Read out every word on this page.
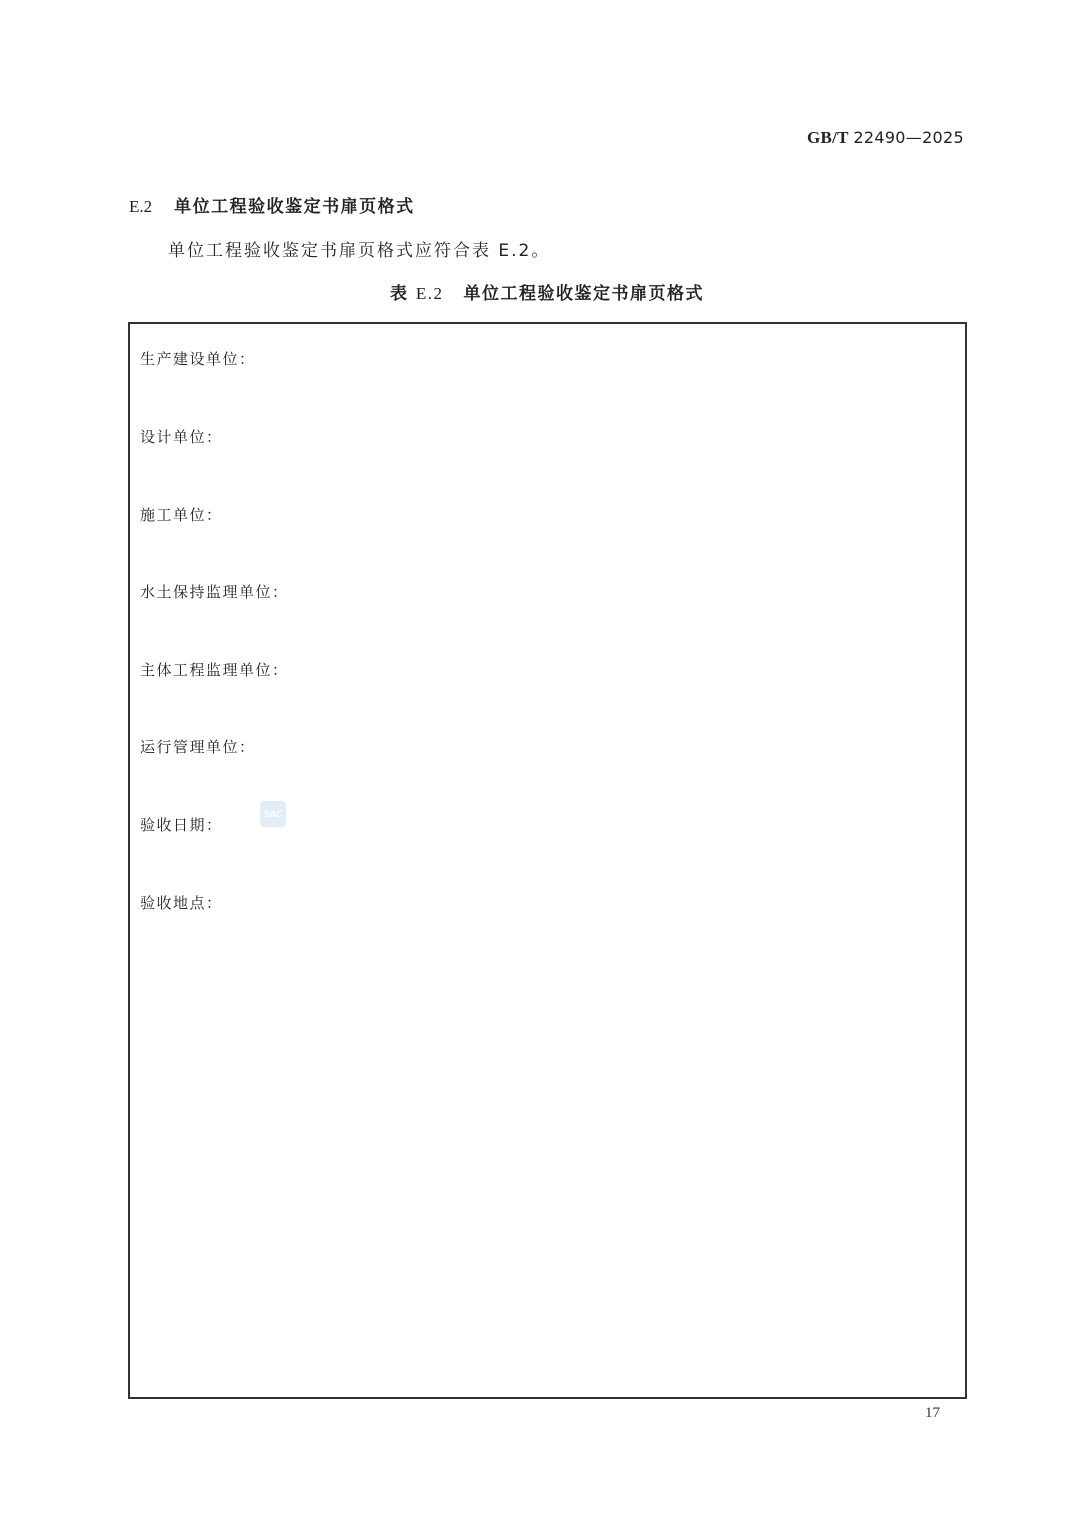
GB/T 22490—2025
E.2 单位工程验收鉴定书扉页格式
单位工程验收鉴定书扉页格式应符合表 E.2。
表 E.2 单位工程验收鉴定书扉页格式
生产建设单位：
设计单位：
施工单位：
水土保持监理单位：
主体工程监理单位：
运行管理单位：
验收日期：
验收地点：
SAC
17
